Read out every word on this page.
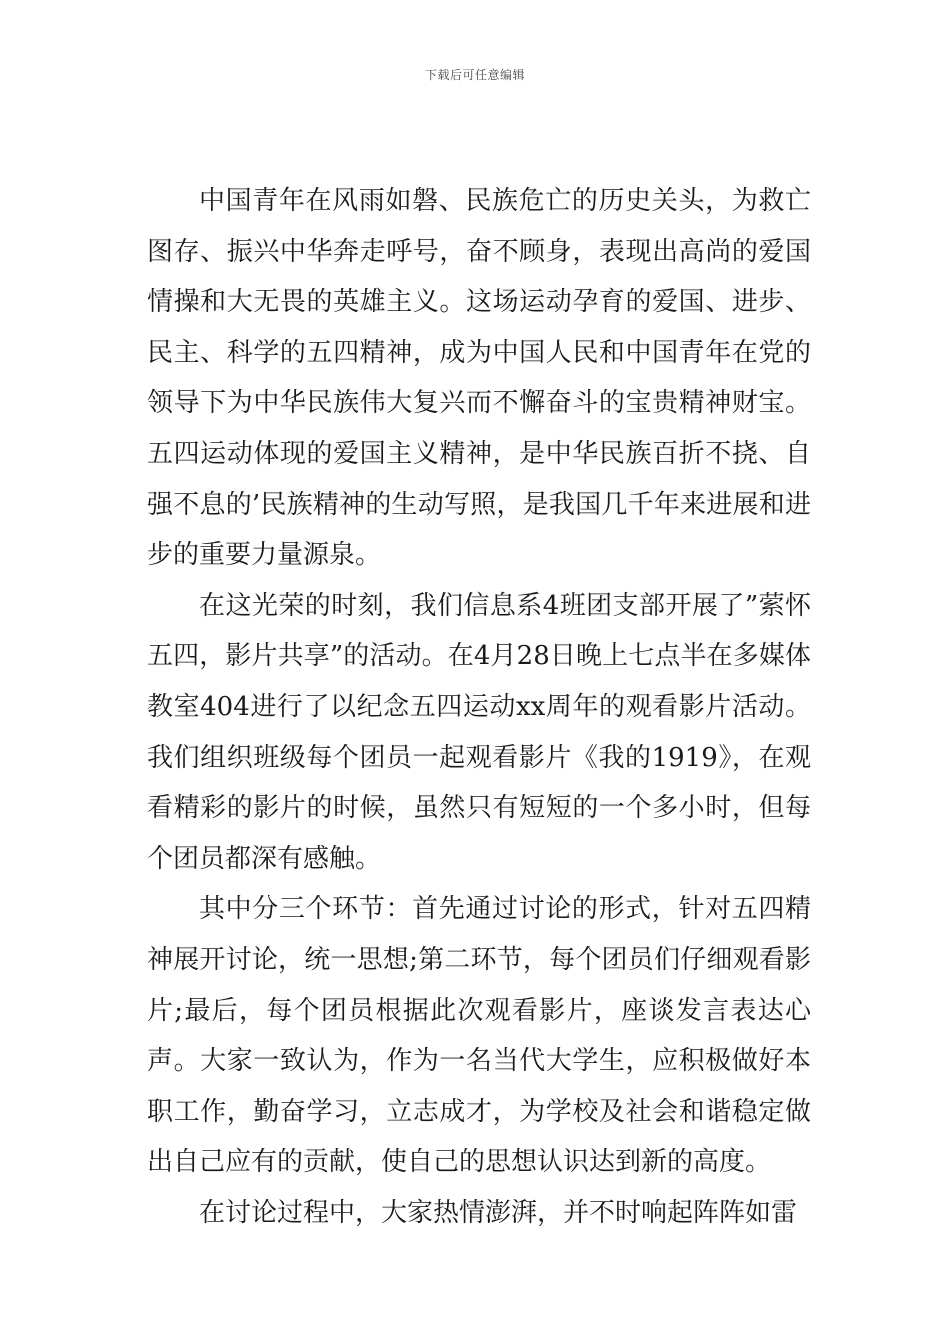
下载后可任意编辑

中国青年在风雨如磐、民族危亡的历史关头，为救亡图存、振兴中华奔走呼号，奋不顾身，表现出高尚的爱国情操和大无畏的英雄主义。这场运动孕育的爱国、进步、民主、科学的五四精神，成为中国人民和中国青年在党的领导下为中华民族伟大复兴而不懈奋斗的宝贵精神财宝。五四运动体现的爱国主义精神，是中华民族百折不挠、自强不息的’民族精神的生动写照，是我国几千年来进展和进步的重要力量源泉。

在这光荣的时刻，我们信息系4班团支部开展了”萦怀五四，影片共享”的活动。在4月28日晚上七点半在多媒体教室404进行了以纪念五四运动xx周年的观看影片活动。我们组织班级每个团员一起观看影片《我的1919》，在观看精彩的影片的时候，虽然只有短短的一个多小时，但每个团员都深有感触。

其中分三个环节：首先通过讨论的形式，针对五四精神展开讨论，统一思想;第二环节，每个团员们仔细观看影片;最后，每个团员根据此次观看影片，座谈发言表达心声。大家一致认为，作为一名当代大学生，应积极做好本职工作，勤奋学习，立志成才，为学校及社会和谐稳定做出自己应有的贡献，使自己的思想认识达到新的高度。

在讨论过程中，大家热情澎湃，并不时响起阵阵如雷
